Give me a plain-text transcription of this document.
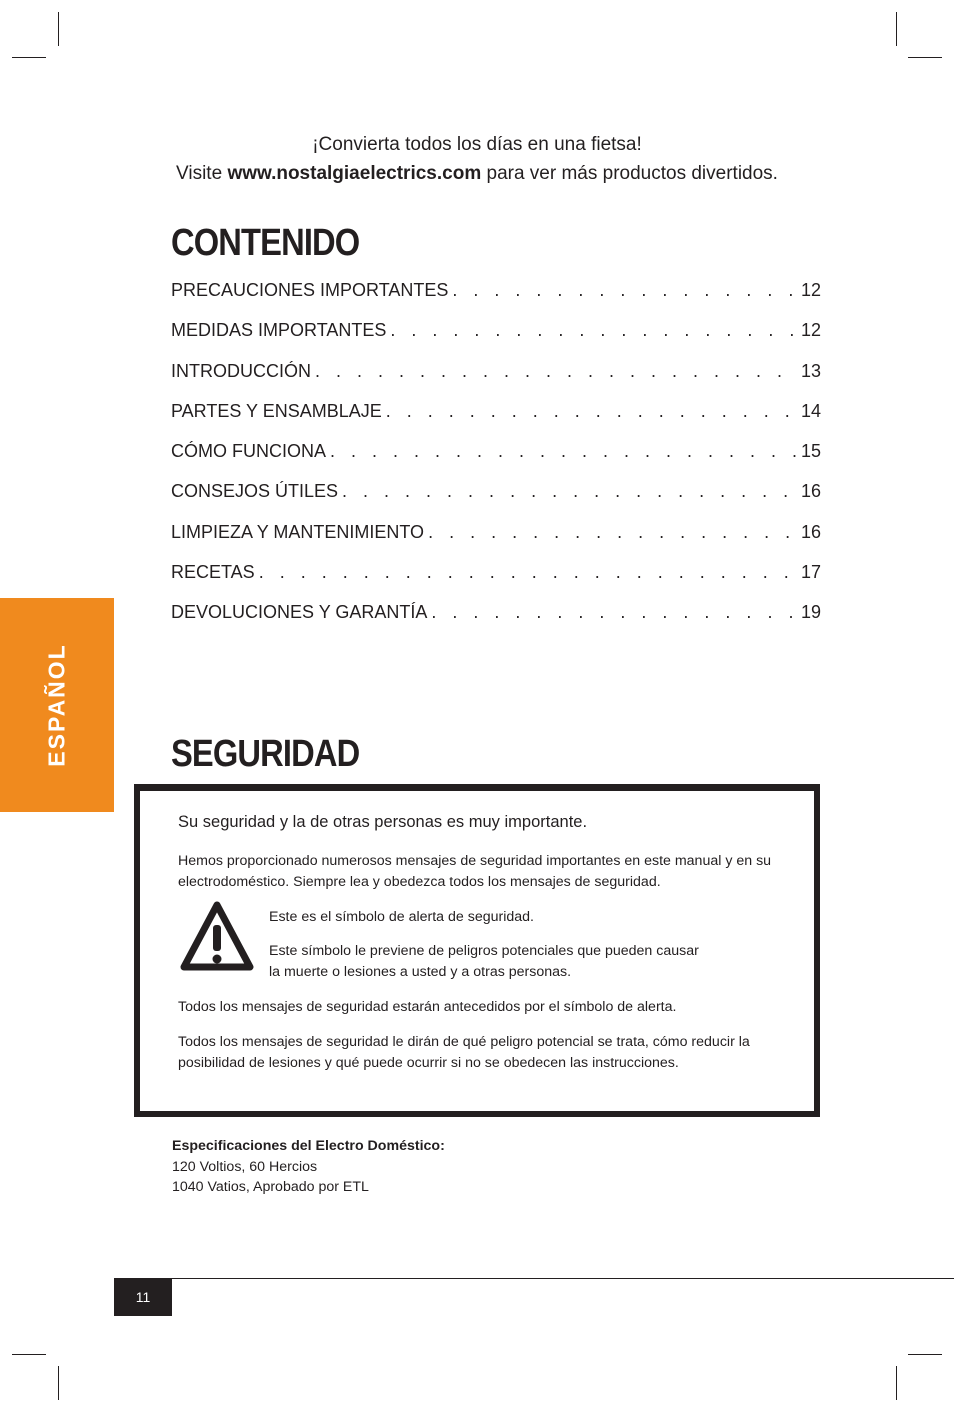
¡Convierta todos los días en una fietsa!
Visite www.nostalgiaelectrics.com para ver más productos divertidos.
CONTENIDO
PRECAUCIONES IMPORTANTES . . .	12
MEDIDAS IMPORTANTES . . .	12
INTRODUCCIÓN . . .	13
PARTES Y ENSAMBLAJE . . .	14
CÓMO FUNCIONA . . .	15
CONSEJOS ÚTILES . . .	16
LIMPIEZA Y MANTENIMIENTO . . .	16
RECETAS . . .	17
DEVOLUCIONES Y GARANTÍA . . .	19
ESPAÑOL	SEGURIDAD
Su seguridad y la de otras personas es muy importante.
Hemos proporcionado numerosos mensajes de seguridad importantes en este manual y en su electrodoméstico. Siempre lea y obedezca todos los mensajes de seguridad.
Este es el símbolo de alerta de seguridad.
Este símbolo le previene de peligros potenciales que pueden causar la muerte o lesiones a usted y a otras personas.
Todos los mensajes de seguridad estarán antecedidos por el símbolo de alerta.
Todos los mensajes de seguridad le dirán de qué peligro potencial se trata, cómo reducir la posibilidad de lesiones y qué puede ocurrir si no se obedecen las instrucciones.
Especificaciones del Electro Doméstico:
120 Voltios, 60 Hercios
1040 Vatios, Aprobado por ETL
11
